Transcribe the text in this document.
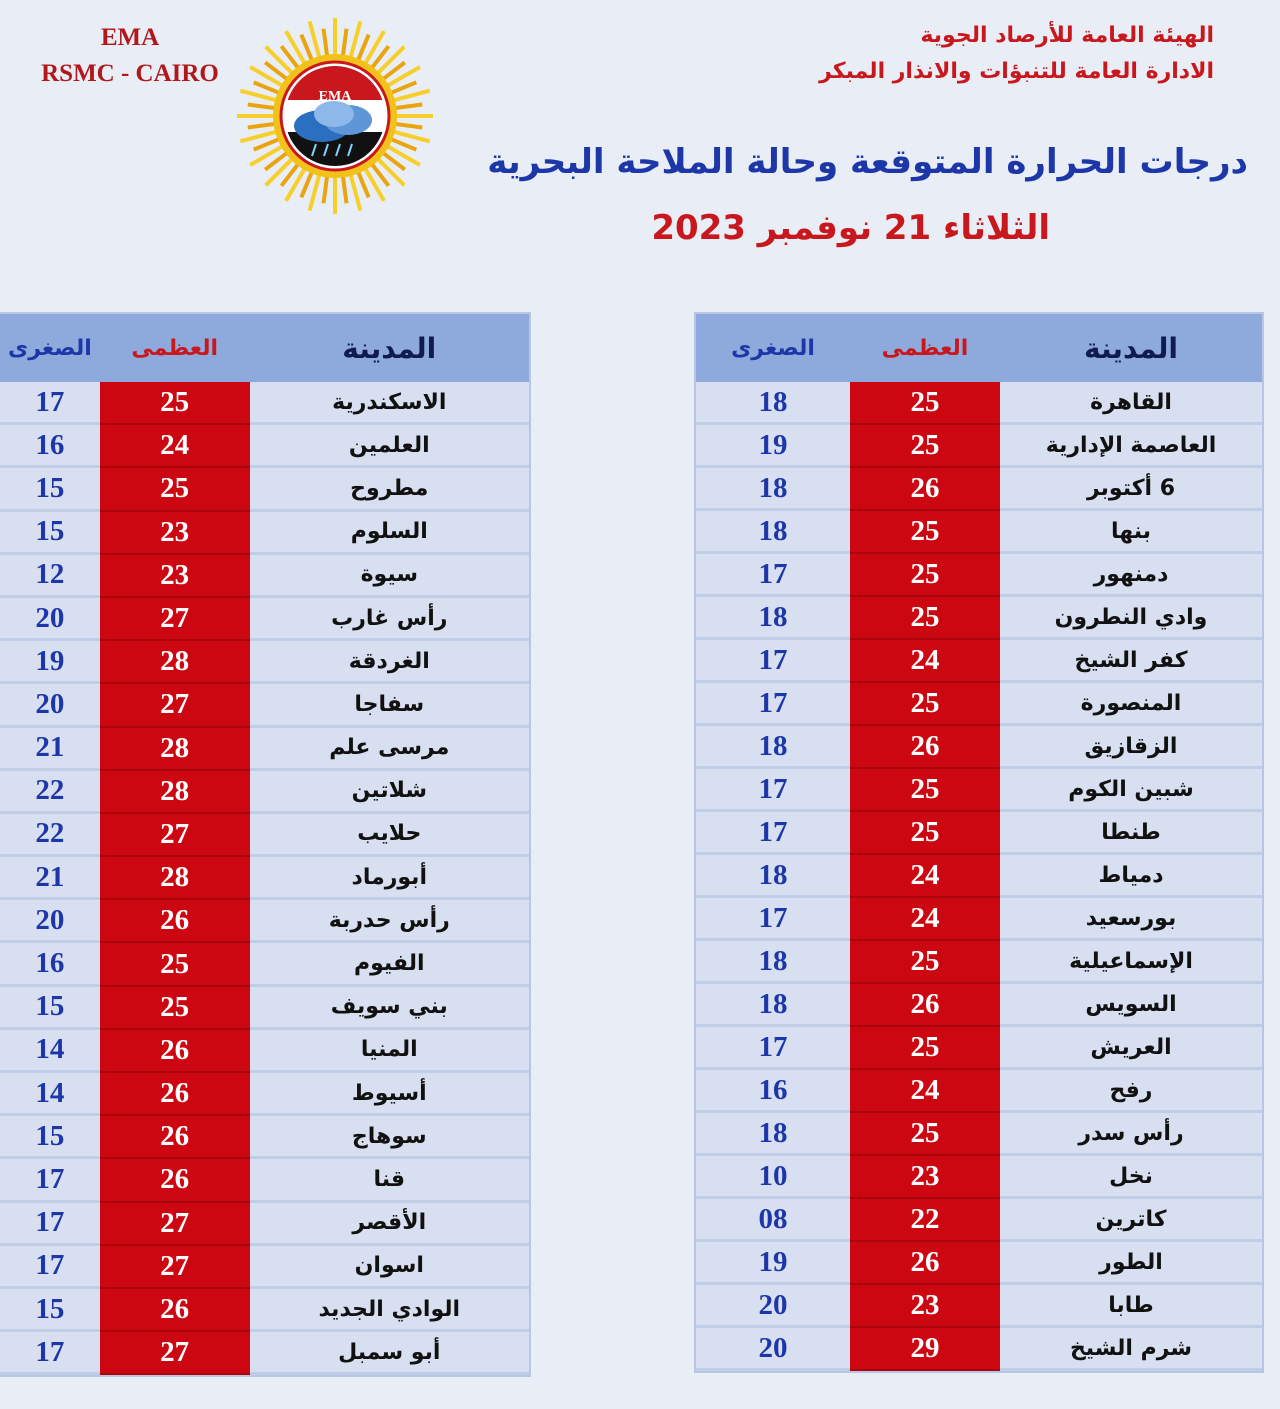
الهيئة العامة للأرصاد الجوية
الادارة العامة للتنبؤات والانذار المبكر
EMA
RSMC - CAIRO
EMA
درجات الحرارة المتوقعة وحالة الملاحة البحرية
الثلاثاء 21 نوفمبر 2023
المدينة
العظمى
الصغرى
القاهرة
25
18
العاصمة الإدارية
25
19
6 أكتوبر
26
18
بنها
25
18
دمنهور
25
17
وادي النطرون
25
18
كفر الشيخ
24
17
المنصورة
25
17
الزقازيق
26
18
شبين الكوم
25
17
طنطا
25
17
دمياط
24
18
بورسعيد
24
17
الإسماعيلية
25
18
السويس
26
18
العريش
25
17
رفح
24
16
رأس سدر
25
18
نخل
23
10
كاترين
22
08
الطور
26
19
طابا
23
20
شرم الشيخ
29
20
المدينة
العظمى
الصغرى
الاسكندرية
25
17
العلمين
24
16
مطروح
25
15
السلوم
23
15
سيوة
23
12
رأس غارب
27
20
الغردقة
28
19
سفاجا
27
20
مرسى علم
28
21
شلاتين
28
22
حلايب
27
22
أبورماد
28
21
رأس حدربة
26
20
الفيوم
25
16
بني سويف
25
15
المنيا
26
14
أسيوط
26
14
سوهاج
26
15
قنا
26
17
الأقصر
27
17
اسوان
27
17
الوادي الجديد
26
15
أبو سمبل
27
17
